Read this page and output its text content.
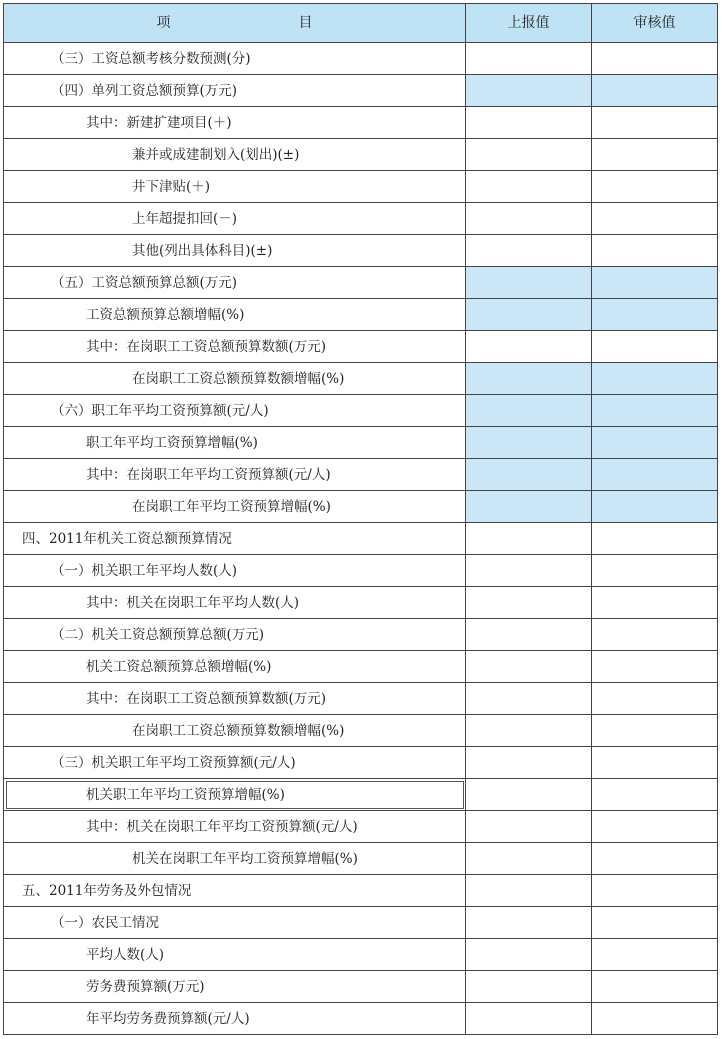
项 目	上报值	审核值
（三）工资总额考核分数预测(分)		
（四）单列工资总额预算(万元)		
其中：新建扩建项目(＋)		
兼并或成建制划入(划出)(±)		
井下津贴(＋)		
上年超提扣回(－)		
其他(列出具体科目)(±)		
（五）工资总额预算总额(万元)		
工资总额预算总额增幅(%)		
其中：在岗职工工资总额预算数额(万元)		
在岗职工工资总额预算数额增幅(%)		
（六）职工年平均工资预算额(元/人)		
职工年平均工资预算增幅(%)		
其中：在岗职工年平均工资预算额(元/人)		
在岗职工年平均工资预算增幅(%)		
四、2011年机关工资总额预算情况		
（一）机关职工年平均人数(人)		
其中：机关在岗职工年平均人数(人)		
（二）机关工资总额预算总额(万元)		
机关工资总额预算总额增幅(%)		
其中：在岗职工工资总额预算数额(万元)		
在岗职工工资总额预算数额增幅(%)		
（三）机关职工年平均工资预算额(元/人)		
机关职工年平均工资预算增幅(%)		
其中：机关在岗职工年平均工资预算额(元/人)		
机关在岗职工年平均工资预算增幅(%)		
五、2011年劳务及外包情况		
（一）农民工情况		
平均人数(人)		
劳务费预算额(万元)		
年平均劳务费预算额(元/人)		
